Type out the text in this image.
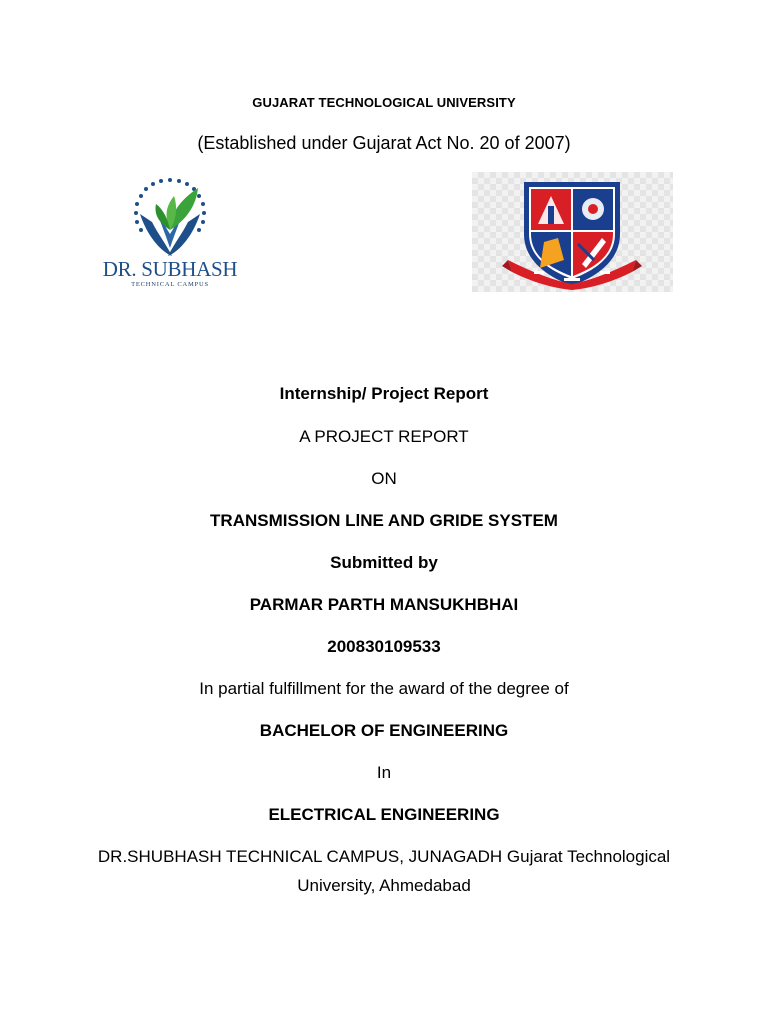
GUJARAT TECHNOLOGICAL UNIVERSITY
(Established under Gujarat Act No. 20 of 2007)
DR. SUBHASH
TECHNICAL CAMPUS
Internship/ Project Report
A PROJECT REPORT
ON
TRANSMISSION LlNE AND GRIDE SYSTEM
Submitted by
PARMAR PARTH MANSUKHBHAI
200830109533
In partial fulfillment for the award of the degree of
BACHELOR OF ENGINEERING
In
ELECTRICAL ENGINEERING
DR.SHUBHASH TECHNICAL CAMPUS, JUNAGADH Gujarat Technological
University, Ahmedabad
